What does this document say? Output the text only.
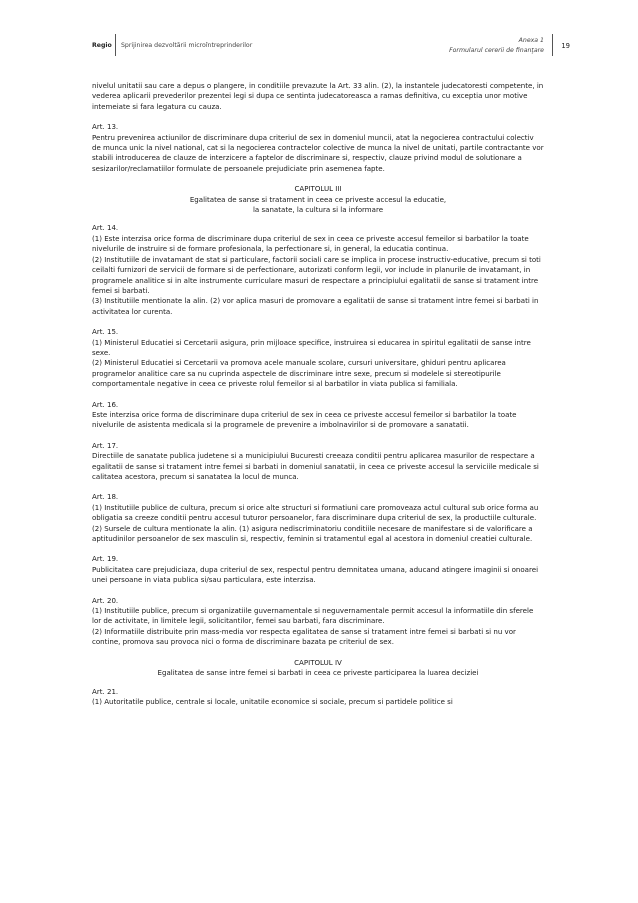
Regio Sprijinirea dezvoltării microîntreprinderilor
Anexa 1
Formularul cererii de finanţare
19

nivelul unitatii sau care a depus o plangere, in conditiile prevazute la Art. 33 alin. (2), la instantele judecatoresti competente, in vederea aplicarii prevederilor prezentei legi si dupa ce sentinta judecatoreasca a ramas definitiva, cu exceptia unor motive intemeiate si fara legatura cu cauza.

Art. 13.

Pentru prevenirea actiunilor de discriminare dupa criteriul de sex in domeniul muncii, atat la negocierea contractului colectiv de munca unic la nivel national, cat si la negocierea contractelor colective de munca la nivel de unitati, partile contractante vor stabili introducerea de clauze de interzicere a faptelor de discriminare si, respectiv, clauze privind modul de solutionare a sesizarilor/reclamatiilor formulate de persoanele prejudiciate prin asemenea fapte.

CAPITOLUL III

Egalitatea de sanse si tratament in ceea ce priveste accesul la educatie,

la sanatate, la cultura si la informare

Art. 14.

(1) Este interzisa orice forma de discriminare dupa criteriul de sex in ceea ce priveste accesul femeilor si barbatilor la toate nivelurile de instruire si de formare profesionala, la perfectionare si, in general, la educatia continua.

(2) Institutiile de invatamant de stat si particulare, factorii sociali care se implica in procese instructiv-educative, precum si toti ceilalti furnizori de servicii de formare si de perfectionare, autorizati conform legii, vor include in planurile de invatamant, in programele analitice si in alte instrumente curriculare masuri de respectare a principiului egalitatii de sanse si tratament intre femei si barbati.

(3) Institutiile mentionate la alin. (2) vor aplica masuri de promovare a egalitatii de sanse si tratament intre femei si barbati in activitatea lor curenta.

Art. 15.

(1) Ministerul Educatiei si Cercetarii asigura, prin mijloace specifice, instruirea si educarea in spiritul egalitatii de sanse intre sexe.

(2) Ministerul Educatiei si Cercetarii va promova acele manuale scolare, cursuri universitare, ghiduri pentru aplicarea programelor analitice care sa nu cuprinda aspectele de discriminare intre sexe, precum si modelele si stereotipurile comportamentale negative in ceea ce priveste rolul femeilor si al barbatilor in viata publica si familiala.

Art. 16.

Este interzisa orice forma de discriminare dupa criteriul de sex in ceea ce priveste accesul femeilor si barbatilor la toate nivelurile de asistenta medicala si la programele de prevenire a imbolnavirilor si de promovare a sanatatii.

Art. 17.

Directiile de sanatate publica judetene si a municipiului Bucuresti creeaza conditii pentru aplicarea masurilor de respectare a egalitatii de sanse si tratament intre femei si barbati in domeniul sanatatii, in ceea ce priveste accesul la serviciile medicale si calitatea acestora, precum si sanatatea la locul de munca.

Art. 18.

(1) Institutiile publice de cultura, precum si orice alte structuri si formatiuni care promoveaza actul cultural sub orice forma au obligatia sa creeze conditii pentru accesul tuturor persoanelor, fara discriminare dupa criteriul de sex, la productiile culturale.

(2) Sursele de cultura mentionate la alin. (1) asigura nediscriminatoriu conditiile necesare de manifestare si de valorificare a aptitudinilor persoanelor de sex masculin si, respectiv, feminin si tratamentul egal al acestora in domeniul creatiei culturale.

Art. 19.

Publicitatea care prejudiciaza, dupa criteriul de sex, respectul pentru demnitatea umana, aducand atingere imaginii si onoarei unei persoane in viata publica si/sau particulara, este interzisa.

Art. 20.

(1) Institutiile publice, precum si organizatiile guvernamentale si neguvernamentale permit accesul la informatiile din sferele lor de activitate, in limitele legii, solicitantilor, femei sau barbati, fara discriminare.

(2) Informatiile distribuite prin mass-media vor respecta egalitatea de sanse si tratament intre femei si barbati si nu vor contine, promova sau provoca nici o forma de discriminare bazata pe criteriul de sex.

CAPITOLUL IV

Egalitatea de sanse intre femei si barbati in ceea ce priveste participarea la luarea deciziei

Art. 21.

(1) Autoritatile publice, centrale si locale, unitatile economice si sociale, precum si partidele politice si
